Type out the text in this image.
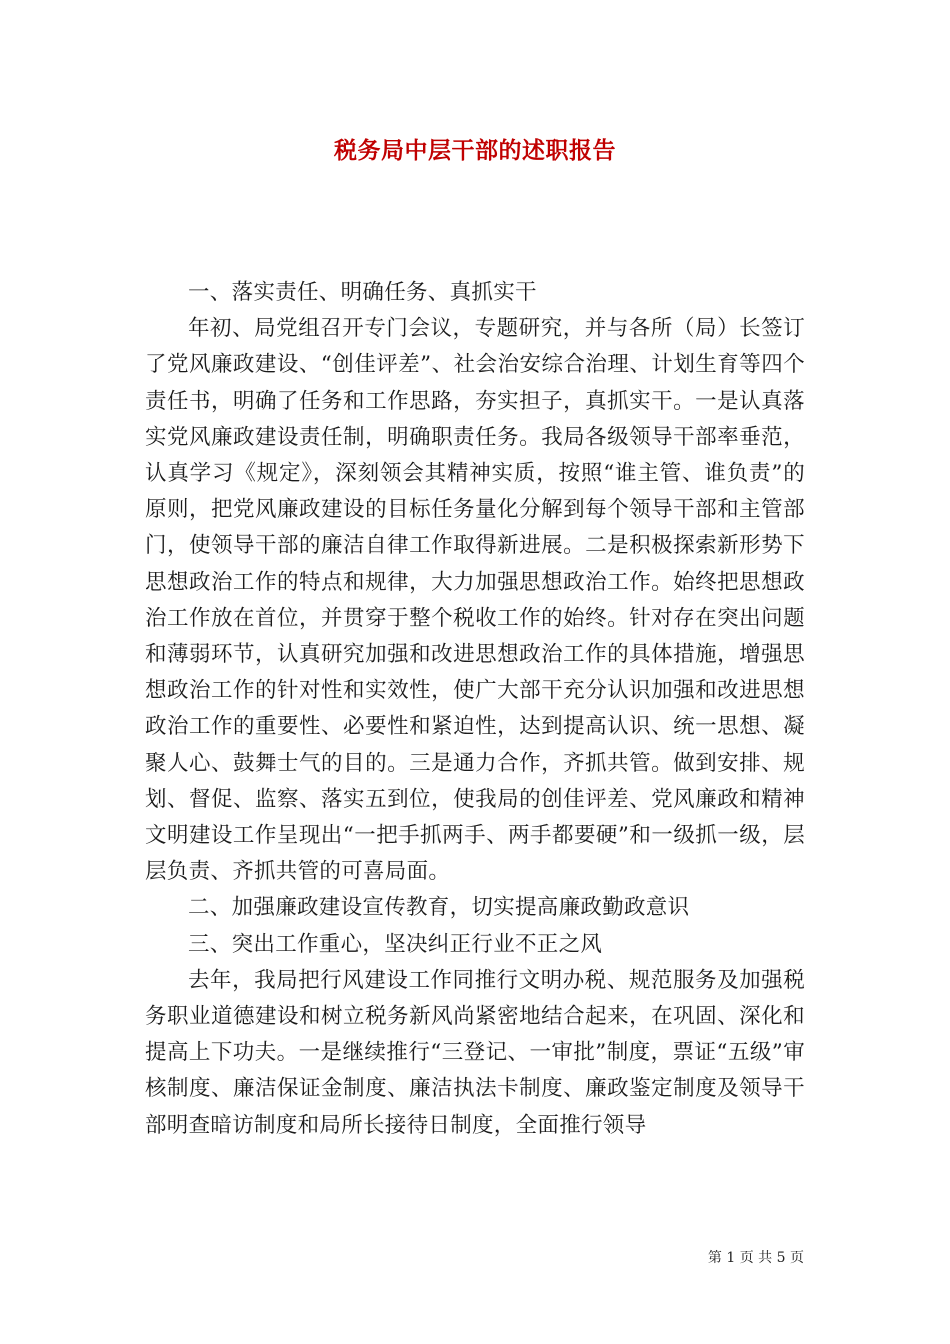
税务局中层干部的述职报告

一、落实责任、明确任务、真抓实干

年初、局党组召开专门会议，专题研究，并与各所（局）长签订了党风廉政建设、“创佳评差”、社会治安综合治理、计划生育等四个责任书，明确了任务和工作思路，夯实担子，真抓实干。一是认真落实党风廉政建设责任制，明确职责任务。我局各级领导干部率垂范，认真学习《规定》，深刻领会其精神实质，按照“谁主管、谁负责”的原则，把党风廉政建设的目标任务量化分解到每个领导干部和主管部门，使领导干部的廉洁自律工作取得新进展。二是积极探索新形势下思想政治工作的特点和规律，大力加强思想政治工作。始终把思想政治工作放在首位，并贯穿于整个税收工作的始终。针对存在突出问题和薄弱环节，认真研究加强和改进思想政治工作的具体措施，增强思想政治工作的针对性和实效性，使广大部干充分认识加强和改进思想政治工作的重要性、必要性和紧迫性，达到提高认识、统一思想、凝聚人心、鼓舞士气的目的。三是通力合作，齐抓共管。做到安排、规划、督促、监察、落实五到位，使我局的创佳评差、党风廉政和精神文明建设工作呈现出“一把手抓两手、两手都要硬”和一级抓一级，层层负责、齐抓共管的可喜局面。

二、加强廉政建设宣传教育，切实提高廉政勤政意识

三、突出工作重心，坚决纠正行业不正之风

去年，我局把行风建设工作同推行文明办税、规范服务及加强税务职业道德建设和树立税务新风尚紧密地结合起来，在巩固、深化和提高上下功夫。一是继续推行“三登记、一审批”制度，票证“五级”审核制度、廉洁保证金制度、廉洁执法卡制度、廉政鉴定制度及领导干部明查暗访制度和局所长接待日制度，全面推行领导

第 1 页 共 5 页
